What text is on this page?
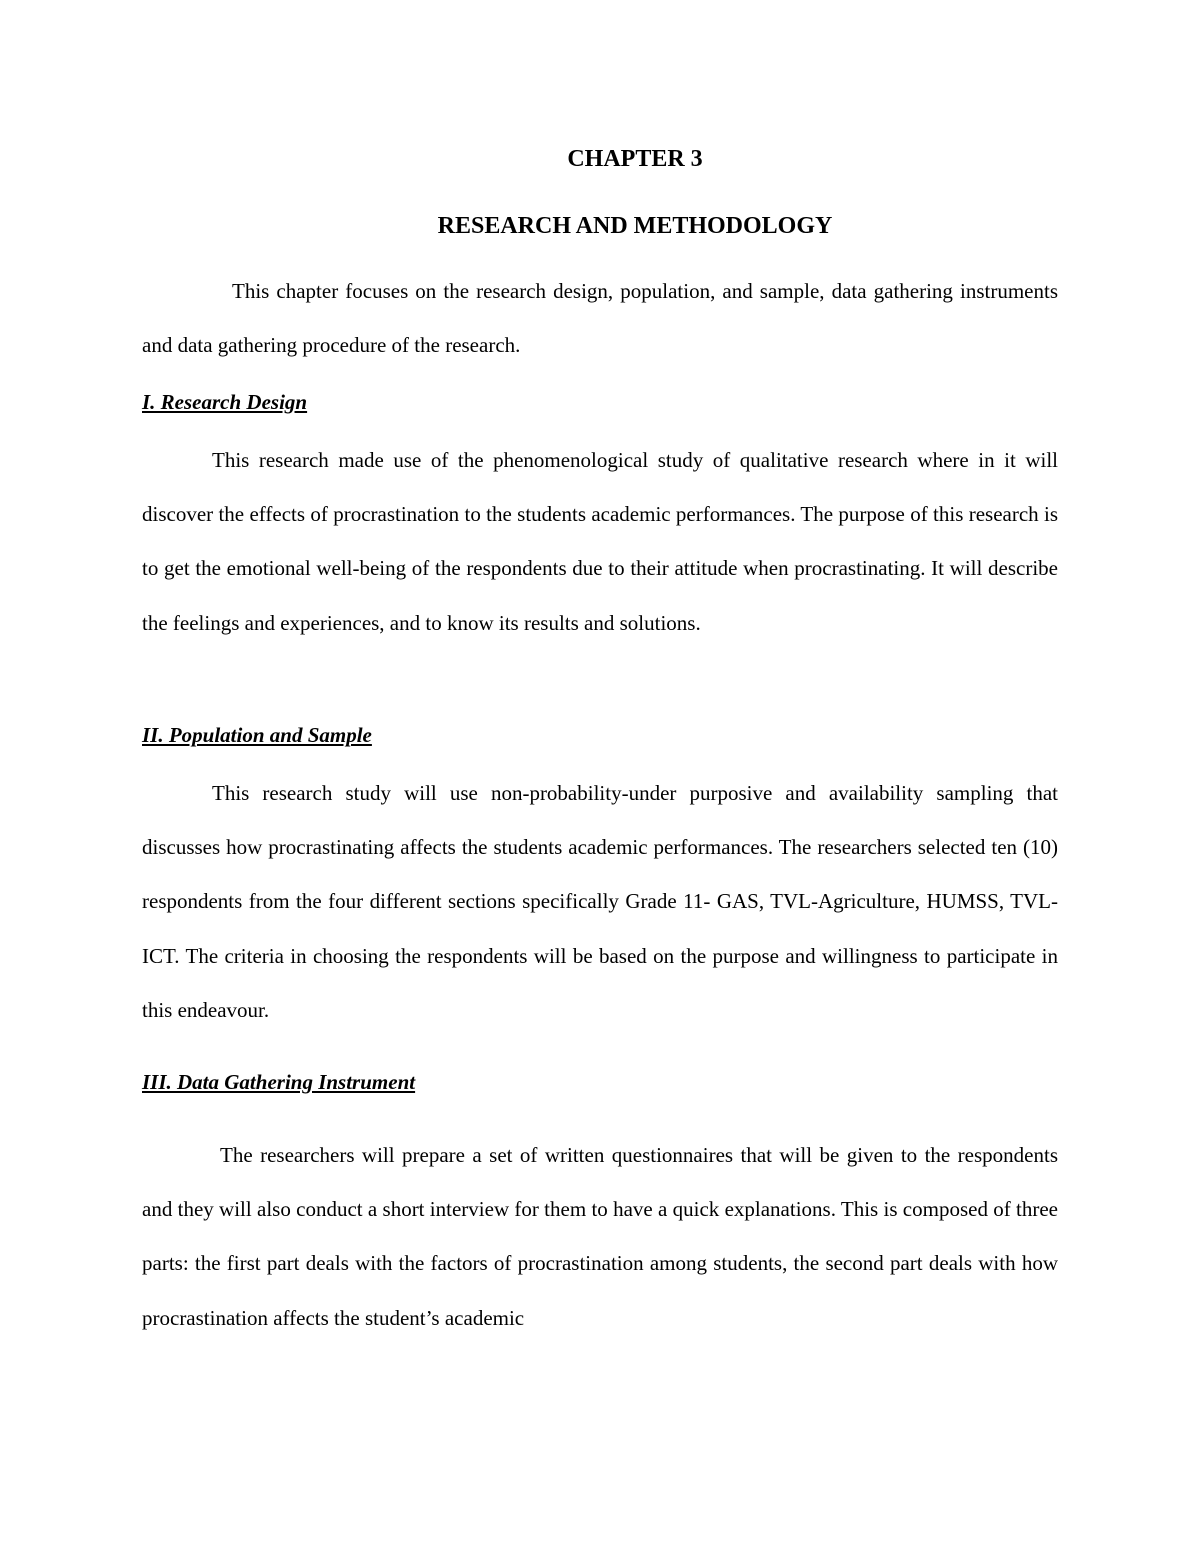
CHAPTER 3
RESEARCH AND METHODOLOGY

This chapter focuses on the research design, population, and sample, data gathering instruments and data gathering procedure of the research.

I. Research Design

This research made use of the phenomenological study of qualitative research where in it will discover the effects of procrastination to the students academic performances. The purpose of this research is to get the emotional well-being of the respondents due to their attitude when procrastinating. It will describe the feelings and experiences, and to know its results and solutions.

II. Population and Sample

This research study will use non-probability-under purposive and availability sampling that discusses how procrastinating affects the students academic performances. The researchers selected ten (10) respondents from the four different sections specifically Grade 11- GAS, TVL-Agriculture, HUMSS, TVL-ICT. The criteria in choosing the respondents will be based on the purpose and willingness to participate in this endeavour.

III. Data Gathering Instrument

The researchers will prepare a set of written questionnaires that will be given to the respondents and they will also conduct a short interview for them to have a quick explanations. This is composed of three parts: the first part deals with the factors of procrastination among students, the second part deals with how procrastination affects the student’s academic
